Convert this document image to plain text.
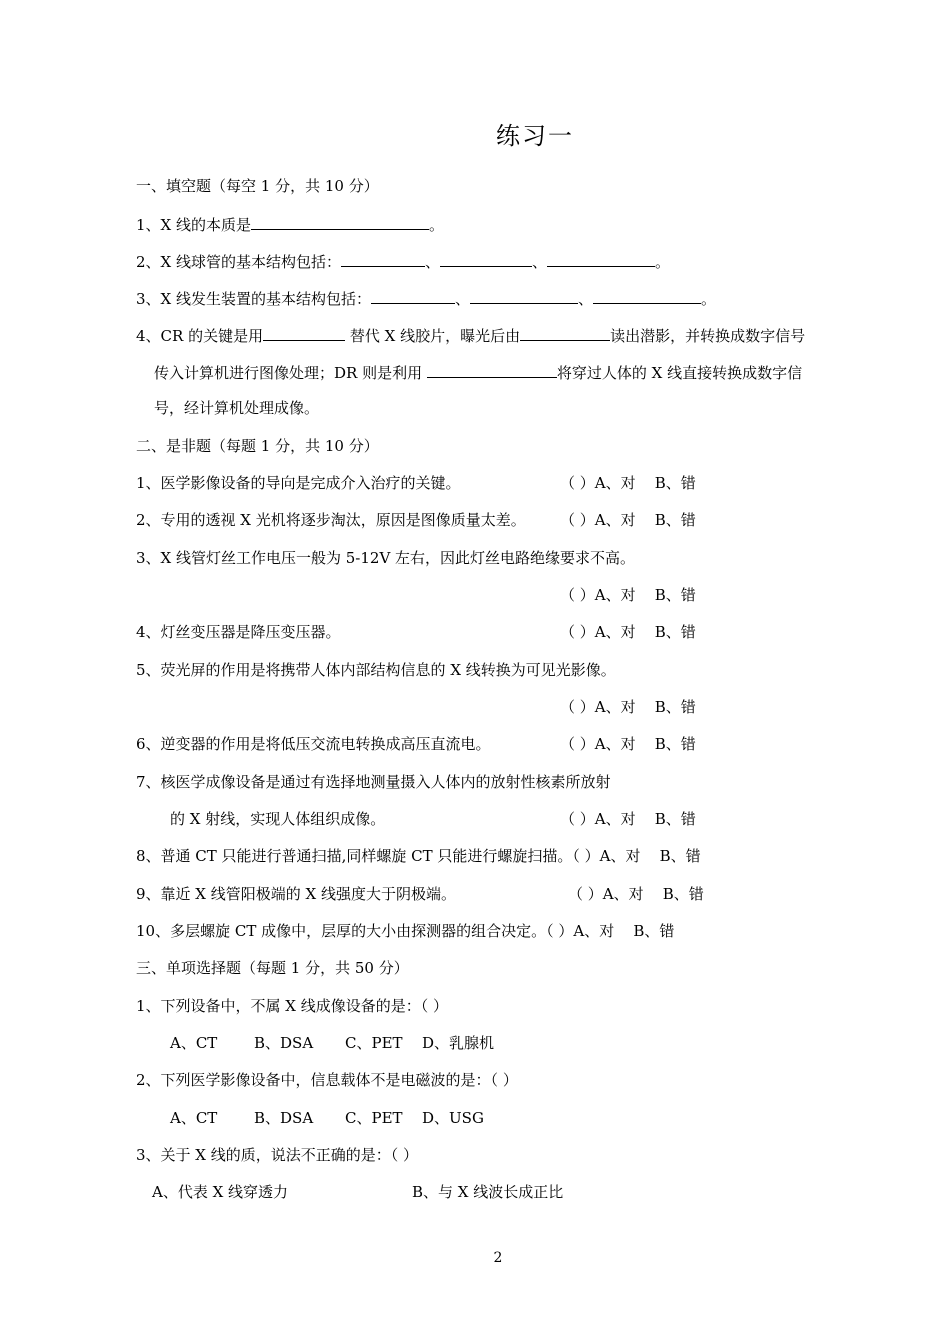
练习一
一、填空题（每空 1 分，共 10 分）
1、X 线的本质是	。
2、X 线球管的基本结构包括：	、	、	。
3、X 线发生装置的基本结构包括：	、	、	。
4、CR 的关键是用	替代 X 线胶片，曝光后由	读出潜影，并转换成数字信号
传入计算机进行图像处理；DR 则是利用	将穿过人体的 X 线直接转换成数字信
号，经计算机处理成像。
二、是非题（每题 1 分，共 10 分）
1、医学影像设备的导向是完成介入治疗的关键。	（ ）A、对 B、错
2、专用的透视 X 光机将逐步淘汰，原因是图像质量太差。 （ ）A、对 B、错
3、X 线管灯丝工作电压一般为 5-12V 左右，因此灯丝电路绝缘要求不高。
（ ）A、对 B、错
4、灯丝变压器是降压变压器。	（ ）A、对 B、错
5、荧光屏的作用是将携带人体内部结构信息的 X 线转换为可见光影像。
（ ）A、对 B、错
6、逆变器的作用是将低压交流电转换成高压直流电。	（ ）A、对 B、错
7、核医学成像设备是通过有选择地测量摄入人体内的放射性核素所放射
的 X 射线，实现人体组织成像。	（ ）A、对 B、错
8、普通 CT 只能进行普通扫描,同样螺旋 CT 只能进行螺旋扫描。（ ）A、对 B、错
9、靠近 X 线管阳极端的 X 线强度大于阴极端。	（ ）A、对 B、错
10、多层螺旋 CT 成像中，层厚的大小由探测器的组合决定。（ ）A、对 B、错
三、单项选择题（每题 1 分，共 50 分）
1、下列设备中，不属 X 线成像设备的是：（ ）
A、CT B、DSA C、PET D、乳腺机
2、下列医学影像设备中，信息载体不是电磁波的是：（ ）
A、CT B、DSA C、PET D、USG
3、关于 X 线的质，说法不正确的是：（ ）
A、代表 X 线穿透力	B、与 X 线波长成正比
2
